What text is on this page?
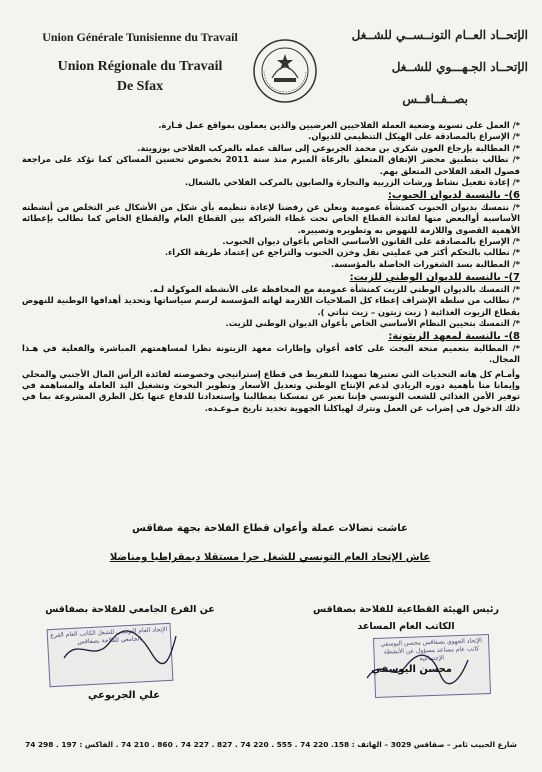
Union Générale Tunisienne du Travail
Union Régionale du Travail
De Sfax
الإتحــاد العــام التونــســي للشــغل
الإتحــاد الجـهـــوي للشــغل
بصــفــاقــس

*/ العمل على تسوية وضعية العملة الفلاحيين العرضيين والذين يعملون بمواقع عمل قـارة.

*/ الإسراع بالمصادقة على الهيكل التنظيمي للديوان.

*/ المطالبة بإرجاع العون شكري بن محمد الجربوعي إلى سالف عمله بالمركب الفلاحي بوزويتة.

*/ نطالب بتطبيق محضر الإتفاق المتعلق بالرعاة المبرم منذ سنة 2011 بخصوص تحسين المساكن كما نؤكد على مراجعة فصول العقد الفلاحي المتعلق بهم.

*/ إعادة تفعيل نشاط ورشات الزربية والنجارة والصابون بالمركب الفلاحي بالشعال.

6)- بالنسبة لديوان الحبوب:

*/ نتمسك بديوان الحبوب كمنشأة عمومية ونعلن عن رفضنا لإعادة تنظيمه بأي شكل من الأشكال عبر التخلص من أنشطته الأساسية أوالبعض منها لفائدة القطاع الخاص تحت غطاء الشراكة بين القطاع العام والقطاع الخاص كما نطالب بإعطائه الأهمية القصوى واللازمة للنهوض به وتطويره وتصييره.

*/ الإسراع بالمصادقة على القانون الأساسي الخاص بأعوان ديوان الحبوب.

*/ نطالب بالتحكم أكثر في عمليتي نقل وخزن الحبوب والتراجع عن إعتماد طريقة الكراء.

*/ المطالبة بسد الشغورات الحاصلة بالمؤسسة.

7)- بالنسبة للديوان الوطني للزيت:

*/ التمسك بالديوان الوطني للزيت كمنشأة عمومية مع المحافظة على الأنشطة الموكولة لـه.

*/ نطالب من سلطة الإشراف إعطاء كل الصلاحيات اللازمة لهاته المؤسسة لرسم سياساتها وتحديد أهدافها الوطنية للنهوض بقطاع الزيوت الغذائية ( زيت زيتون – زيت نباتي ).

*/ التمسك بتحيين النظام الأساسي الخاص بأعوان الديوان الوطني للزيت.

8)- بالنسبة لمعهد الزيتونة:

*/ المطالبة بتعميم منحة البحث على كافة أعوان وإطارات معهد الزيتونة نظرا لمساهمتهم المباشرة والفعلية في هـذا المجال.

وأمـام كل هاته التحديات التي تعتبرها تمهيدا للتفريط في قطاع إستراتيجي وخصوصته لفائدة الرأس المال الأجنبي والمحلي وإيمانا منا بأهمية دوره الريادي لدعم الإنتاج الوطني وتعديل الأسعار وتطوير البحوث وتشغيل اليد العاملة والمساهمة في توفير الأمن الغذائي للشعب التونسي فإننا نعبر عن تمسكنا بمطالبنا وإستعدادنا للدفاع عنها بكل الطرق المشروعة بما في ذلك الدخول في إضراب عن العمل ونترك لهياكلنا الجهوية تحديد تاريخ مـوعـده.

عاشت نضالات عملة وأعوان قطاع الفلاحة بجهة صفاقس

عاش الإتحاد العام التونسي للشغل حرا مستقلا ديمقراطيا ومناضلا

رئيس الهيئة القطاعية للفلاحة بصفاقس
الكاتب العام المساعد
الإتحاد الجهوي بصفاقس محسن اليوسفي كاتب عام مساعد مسؤول عن الأنشطة الإجتماعية
محسن اليوسفي
عن الفرع الجامعي للفلاحة بصفاقس
الإتحاد العام التونسي للشغل الكاتب العام الفرع الجامعي للفلاحة بصفاقس
علي الجربوعي
شارع الحبيب ثامر – صفاقس 3029 – الهاتف : 158. 220 74 . 555 . 220 74 . 827 . 227 74 . 860 . 210 74 . الفاكس : 197 . 298 74
